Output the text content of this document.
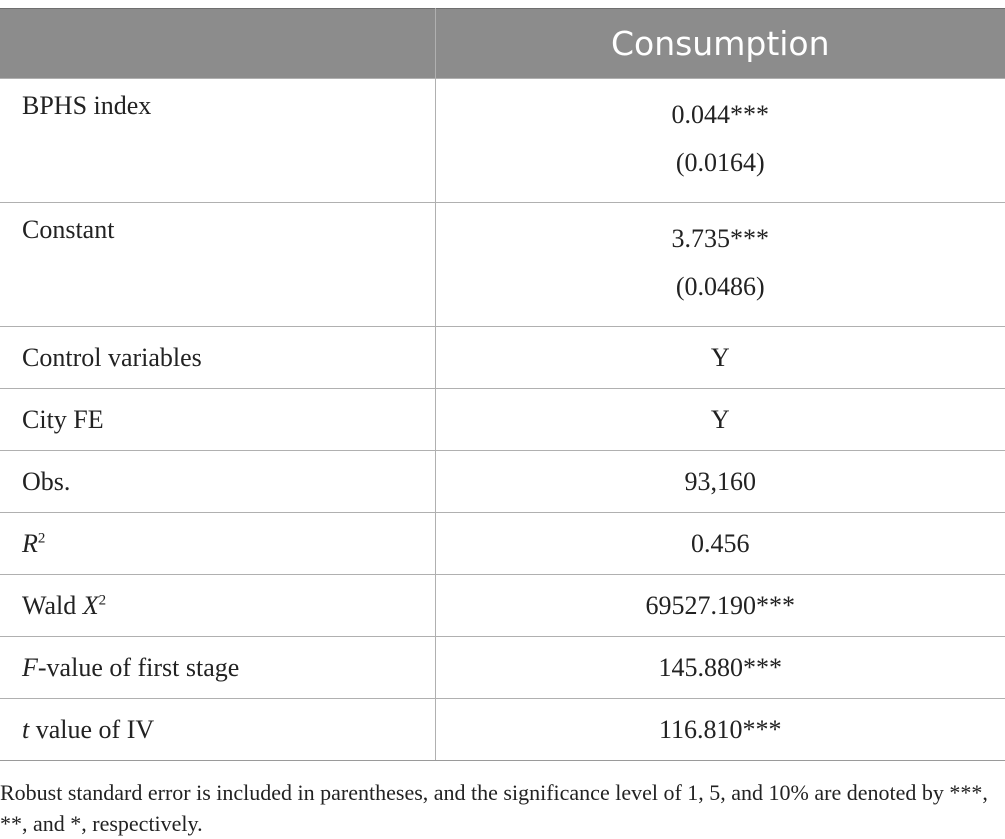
	Consumption
BPHS index	0.044***
(0.0164)

Constant	3.735***
(0.0486)

Control variables	Y
City FE	Y
Obs.	93,160
$R^2$	0.456
Wald $X^2$	69527.190***
F-value of first stage	145.880***
t value of IV	116.810***
Robust standard error is included in parentheses, and the significance level of 1, 5, and 10% are denoted by ***, **, and *, respectively.
